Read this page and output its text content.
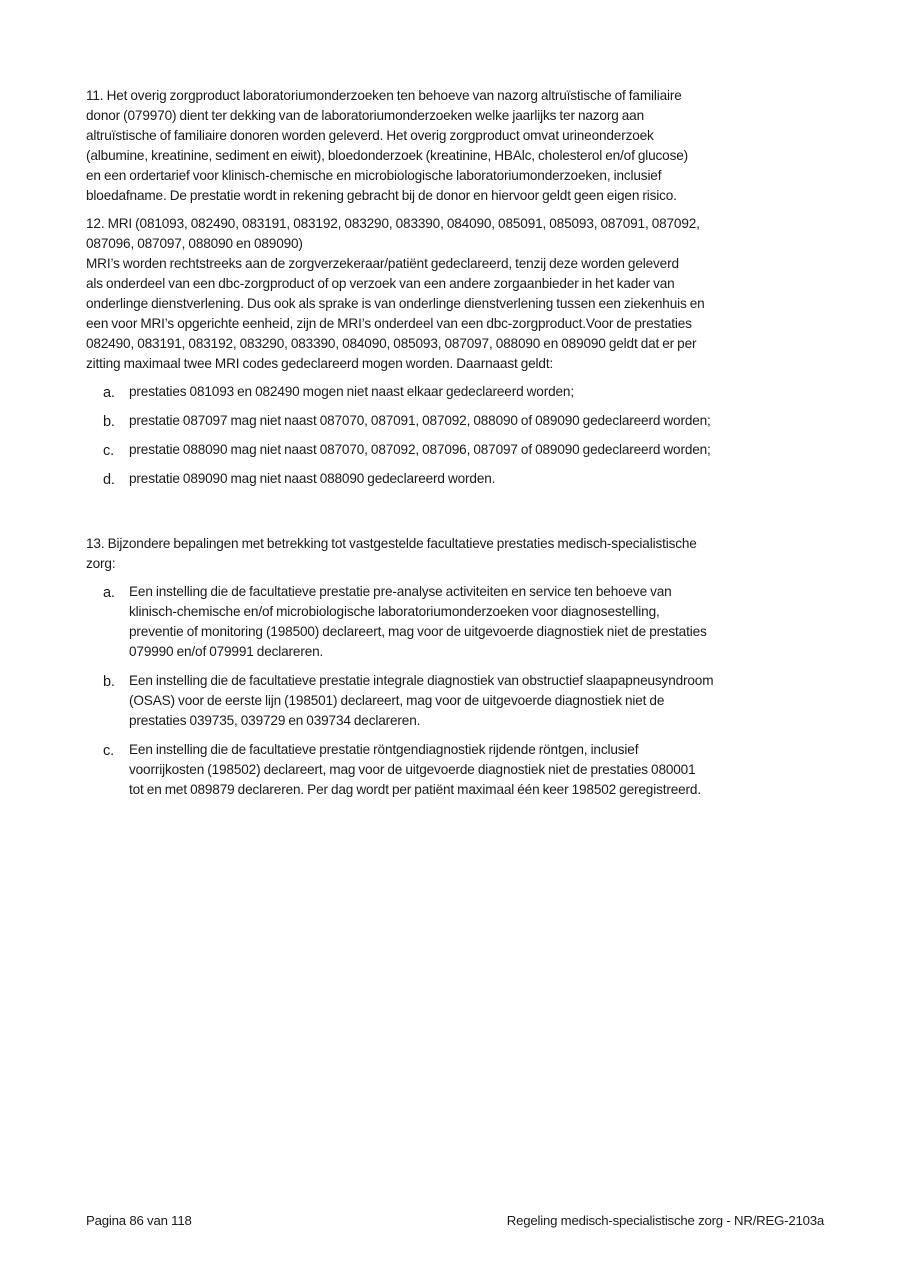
11. Het overig zorgproduct laboratoriumonderzoeken ten behoeve van nazorg altruïstische of familiaire
donor (079970) dient ter dekking van de laboratoriumonderzoeken welke jaarlijks ter nazorg aan
altruïstische of familiaire donoren worden geleverd. Het overig zorgproduct omvat urineonderzoek
(albumine, kreatinine, sediment en eiwit), bloedonderzoek (kreatinine, HBAlc, cholesterol en/of glucose)
en een ordertarief voor klinisch-chemische en microbiologische laboratoriumonderzoeken, inclusief
bloedafname. De prestatie wordt in rekening gebracht bij de donor en hiervoor geldt geen eigen risico.
12. MRI (081093, 082490, 083191, 083192, 083290, 083390, 084090, 085091, 085093, 087091, 087092,
087096, 087097, 088090 en 089090)
MRI’s worden rechtstreeks aan de zorgverzekeraar/patiënt gedeclareerd, tenzij deze worden geleverd
als onderdeel van een dbc-zorgproduct of op verzoek van een andere zorgaanbieder in het kader van
onderlinge dienstverlening. Dus ook als sprake is van onderlinge dienstverlening tussen een ziekenhuis en
een voor MRI’s opgerichte eenheid, zijn de MRI’s onderdeel van een dbc-zorgproduct.Voor de prestaties
082490, 083191, 083192, 083290, 083390, 084090, 085093, 087097, 088090 en 089090 geldt dat er per
zitting maximaal twee MRI codes gedeclareerd mogen worden. Daarnaast geldt:
a. prestaties 081093 en 082490 mogen niet naast elkaar gedeclareerd worden;
b. prestatie 087097 mag niet naast 087070, 087091, 087092, 088090 of 089090 gedeclareerd worden;
c. prestatie 088090 mag niet naast 087070, 087092, 087096, 087097 of 089090 gedeclareerd worden;
d. prestatie 089090 mag niet naast 088090 gedeclareerd worden.
13. Bijzondere bepalingen met betrekking tot vastgestelde facultatieve prestaties medisch-specialistische
zorg:
a. Een instelling die de facultatieve prestatie pre-analyse activiteiten en service ten behoeve van
klinisch-chemische en/of microbiologische laboratoriumonderzoeken voor diagnosestelling,
preventie of monitoring (198500) declareert, mag voor de uitgevoerde diagnostiek niet de prestaties
079990 en/of 079991 declareren.
b. Een instelling die de facultatieve prestatie integrale diagnostiek van obstructief slaapapneusyndroom
(OSAS) voor de eerste lijn (198501) declareert, mag voor de uitgevoerde diagnostiek niet de
prestaties 039735, 039729 en 039734 declareren.
c. Een instelling die de facultatieve prestatie röntgendiagnostiek rijdende röntgen, inclusief
voorrijkosten (198502) declareert, mag voor de uitgevoerde diagnostiek niet de prestaties 080001
tot en met 089879 declareren. Per dag wordt per patiënt maximaal één keer 198502 geregistreerd.
Pagina 86 van 118	Regeling medisch-specialistische zorg - NR/REG-2103a
